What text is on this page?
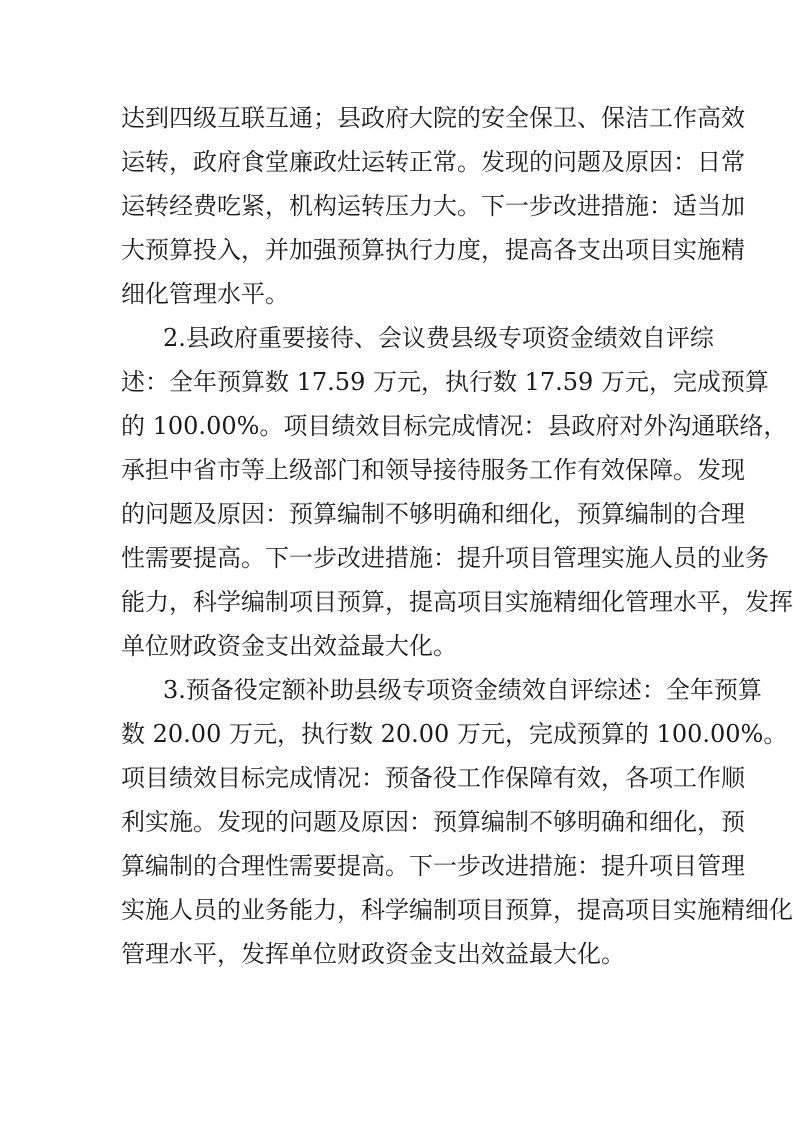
达到四级互联互通；县政府大院的安全保卫、保洁工作高效
运转，政府食堂廉政灶运转正常。发现的问题及原因：日常
运转经费吃紧，机构运转压力大。下一步改进措施：适当加
大预算投入，并加强预算执行力度，提高各支出项目实施精
细化管理水平。
2.县政府重要接待、会议费县级专项资金绩效自评综
述：全年预算数 17.59 万元，执行数 17.59 万元，完成预算
的 100.00%。项目绩效目标完成情况：县政府对外沟通联络，
承担中省市等上级部门和领导接待服务工作有效保障。发现
的问题及原因：预算编制不够明确和细化，预算编制的合理
性需要提高。下一步改进措施：提升项目管理实施人员的业务
能力，科学编制项目预算，提高项目实施精细化管理水平，发挥
单位财政资金支出效益最大化。
3.预备役定额补助县级专项资金绩效自评综述：全年预算
数 20.00 万元，执行数 20.00 万元，完成预算的 100.00%。
项目绩效目标完成情况：预备役工作保障有效，各项工作顺
利实施。发现的问题及原因：预算编制不够明确和细化，预
算编制的合理性需要提高。下一步改进措施：提升项目管理
实施人员的业务能力，科学编制项目预算，提高项目实施精细化
管理水平，发挥单位财政资金支出效益最大化。
